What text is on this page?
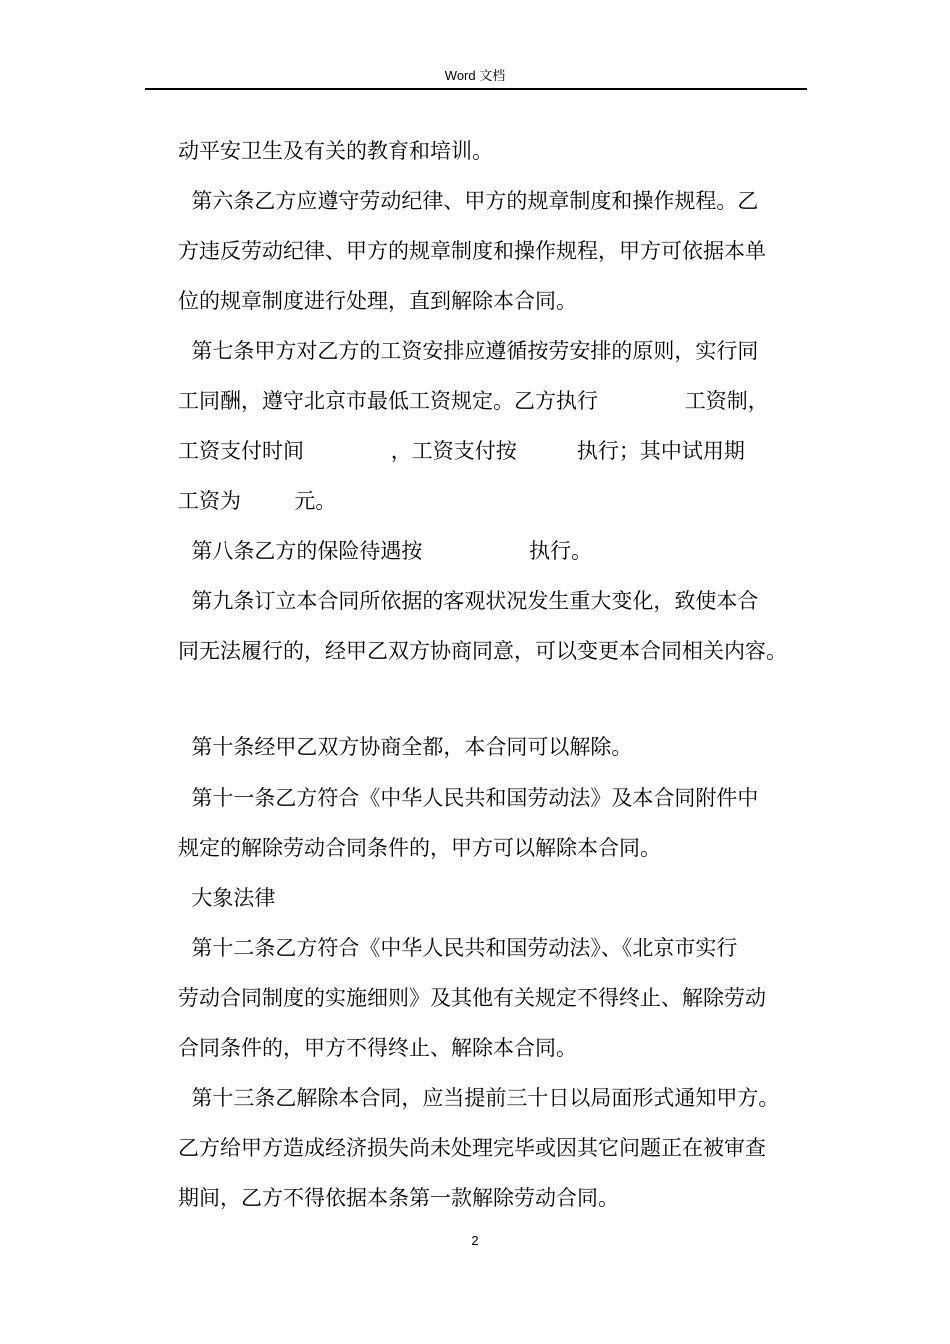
Word 文档
动平安卫生及有关的教育和培训。
第六条乙方应遵守劳动纪律、甲方的规章制度和操作规程。乙
方违反劳动纪律、甲方的规章制度和操作规程，甲方可依据本单
位的规章制度进行处理，直到解除本合同。
第七条甲方对乙方的工资安排应遵循按劳安排的原则，实行同
工同酬，遵守北京市最低工资规定。乙方执行             工资制，
工资支付时间             ，工资支付按         执行；其中试用期
工资为        元。
第八条乙方的保险待遇按                执行。
第九条订立本合同所依据的客观状况发生重大变化，致使本合
同无法履行的，经甲乙双方协商同意，可以变更本合同相关内容。
第十条经甲乙双方协商全都，本合同可以解除。
第十一条乙方符合《中华人民共和国劳动法》及本合同附件中
规定的解除劳动合同条件的，甲方可以解除本合同。
大象法律
第十二条乙方符合《中华人民共和国劳动法》、《北京市实行
劳动合同制度的实施细则》及其他有关规定不得终止、解除劳动
合同条件的，甲方不得终止、解除本合同。
第十三条乙解除本合同，应当提前三十日以局面形式通知甲方。
乙方给甲方造成经济损失尚未处理完毕或因其它问题正在被审查
期间，乙方不得依据本条第一款解除劳动合同。
2
